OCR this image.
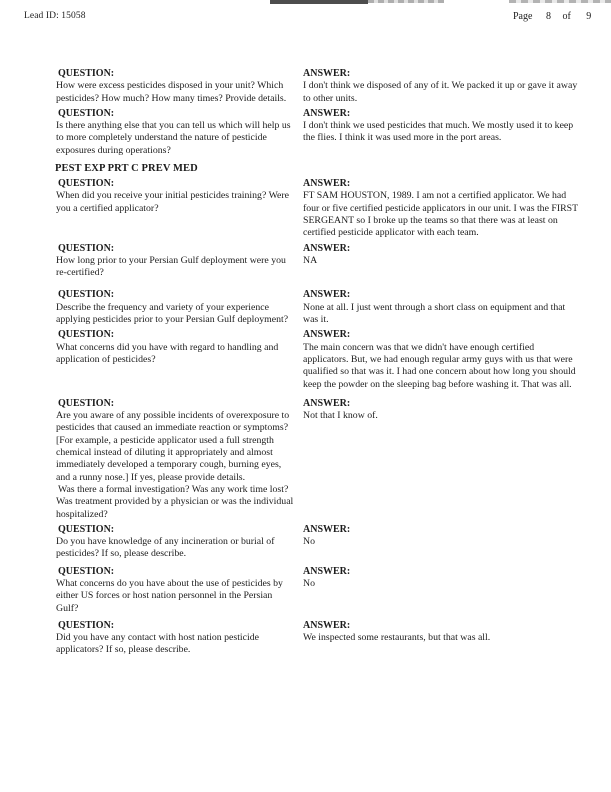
Lead ID: 15058	Page 8 of 9
QUESTION:

How were excess pesticides disposed in your unit? Which pesticides? How much? How many times? Provide details.

ANSWER:

I don't think we disposed of any of it. We packed it up or gave it away to other units.

QUESTION:

Is there anything else that you can tell us which will help us to more completely understand the nature of pesticide exposures during operations?

ANSWER:

I don't think we used pesticides that much. We mostly used it to keep the flies. I think it was used more in the port areas.

PEST EXP PRT C PREV MED
QUESTION:

When did you receive your initial pesticides training? Were you a certified applicator?

ANSWER:

FT SAM HOUSTON, 1989. I am not a certified applicator. We had four or five certified pesticide applicators in our unit. I was the FIRST SERGEANT so I broke up the teams so that there was at least on certified pesticide applicator with each team.

QUESTION:

How long prior to your Persian Gulf deployment were you re-certified?

ANSWER:

NA

QUESTION:

Describe the frequency and variety of your experience applying pesticides prior to your Persian Gulf deployment?

ANSWER:

None at all. I just went through a short class on equipment and that was it.

QUESTION:

What concerns did you have with regard to handling and application of pesticides?

ANSWER:

The main concern was that we didn't have enough certified applicators. But, we had enough regular army guys with us that were qualified so that was it. I had one concern about how long you should keep the powder on the sleeping bag before washing it. That was all.

QUESTION:

Are you aware of any possible incidents of overexposure to pesticides that caused an immediate reaction or symptoms? [For example, a pesticide applicator used a full strength chemical instead of diluting it appropriately and almost immediately developed a temporary cough, burning eyes, and a runny nose.] If yes, please provide details.

Was there a formal investigation? Was any work time lost? Was treatment provided by a physician or was the individual hospitalized?

ANSWER:

Not that I know of.

QUESTION:

Do you have knowledge of any incineration or burial of pesticides? If so, please describe.

ANSWER:

No

QUESTION:

What concerns do you have about the use of pesticides by either US forces or host nation personnel in the Persian Gulf?

ANSWER:

No

QUESTION:

Did you have any contact with host nation pesticide applicators? If so, please describe.

ANSWER:

We inspected some restaurants, but that was all.
